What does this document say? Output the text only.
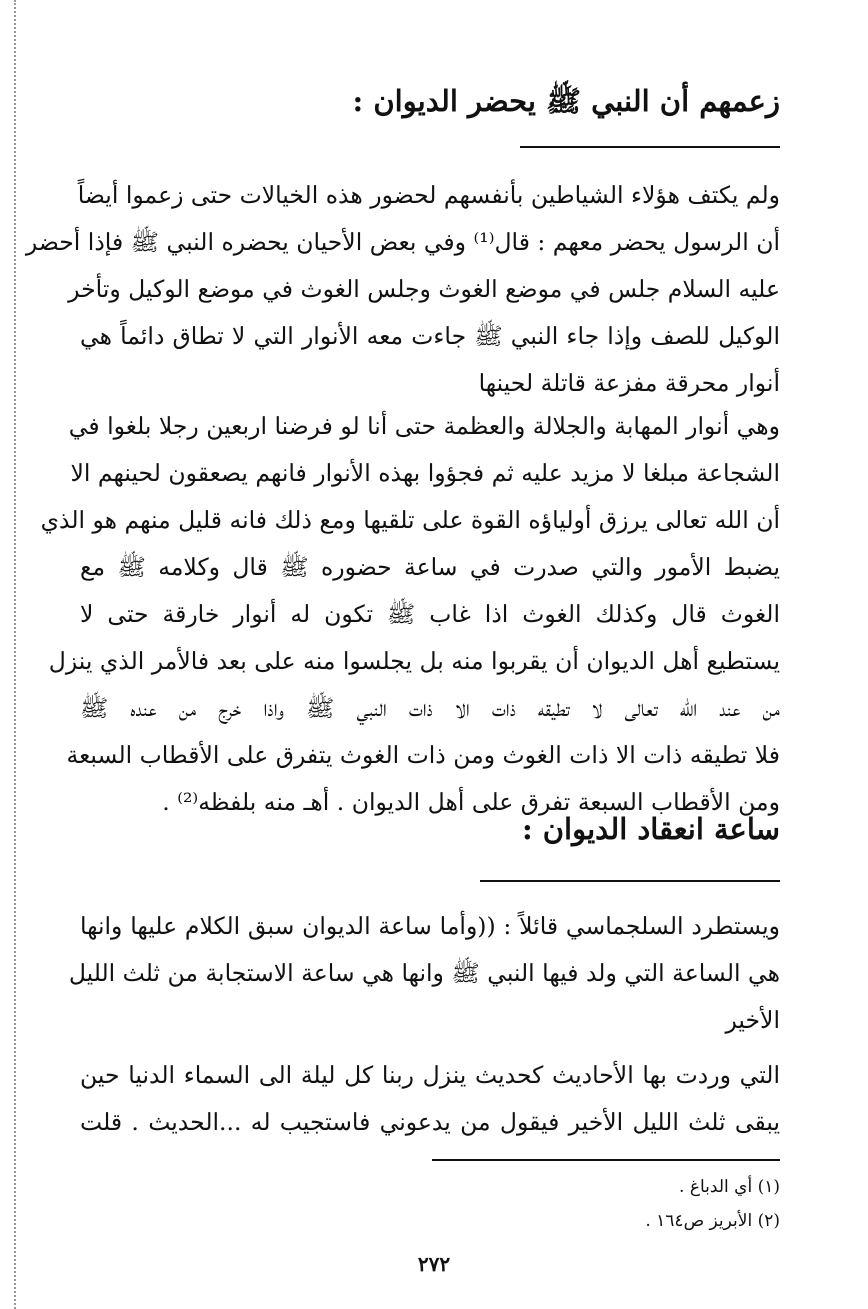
زعمهم أن النبي ﷺ يحضر الديوان :
ولم يكتف هؤلاء الشياطين بأنفسهم لحضور هذه الخيالات حتى زعموا أيضاً
أن الرسول يحضر معهم : قال⁽¹⁾ وفي بعض الأحيان يحضره النبي ﷺ فإذا أحضر
عليه السلام جلس في موضع الغوث وجلس الغوث في موضع الوكيل وتأخر
الوكيل للصف وإذا جاء النبي ﷺ جاءت معه الأنوار التي لا تطاق دائماً هي
أنوار محرقة مفزعة قاتلة لحينها
وهي أنوار المهابة والجلالة والعظمة حتى أنا لو فرضنا اربعين رجلا بلغوا في
الشجاعة مبلغا لا مزيد عليه ثم فجؤوا بهذه الأنوار فانهم يصعقون لحينهم الا
أن الله تعالى يرزق أولياؤه القوة على تلقيها ومع ذلك فانه قليل منهم هو الذي
يضبط الأمور والتي صدرت في ساعة حضوره ﷺ قال وكلامه ﷺ مع
الغوث قال وكذلك الغوث اذا غاب ﷺ تكون له أنوار خارقة حتى لا
يستطيع أهل الديوان أن يقربوا منه بل يجلسوا منه على بعد فالأمر الذي ينزل
من عند الله تعالى لا تطيقه ذات الا ذات النبي ﷺ واذا خرج من عنده ﷺ
فلا تطيقه ذات الا ذات الغوث ومن ذات الغوث يتفرق على الأقطاب السبعة
ومن الأقطاب السبعة تفرق على أهل الديوان . أهـ منه بلفظه⁽²⁾ .
ساعة انعقاد الديوان :
ويستطرد السلجماسي قائلاً : ((وأما ساعة الديوان سبق الكلام عليها وانها
هي الساعة التي ولد فيها النبي ﷺ وانها هي ساعة الاستجابة من ثلث الليل
الأخير
التي وردت بها الأحاديث كحديث ينزل ربنا كل ليلة الى السماء الدنيا حين
يبقى ثلث الليل الأخير فيقول من يدعوني فاستجيب له ...الحديث . قلت
(١) أي الدباغ .
(٢) الأبريز ص١٦٤ .
٢٧٢
